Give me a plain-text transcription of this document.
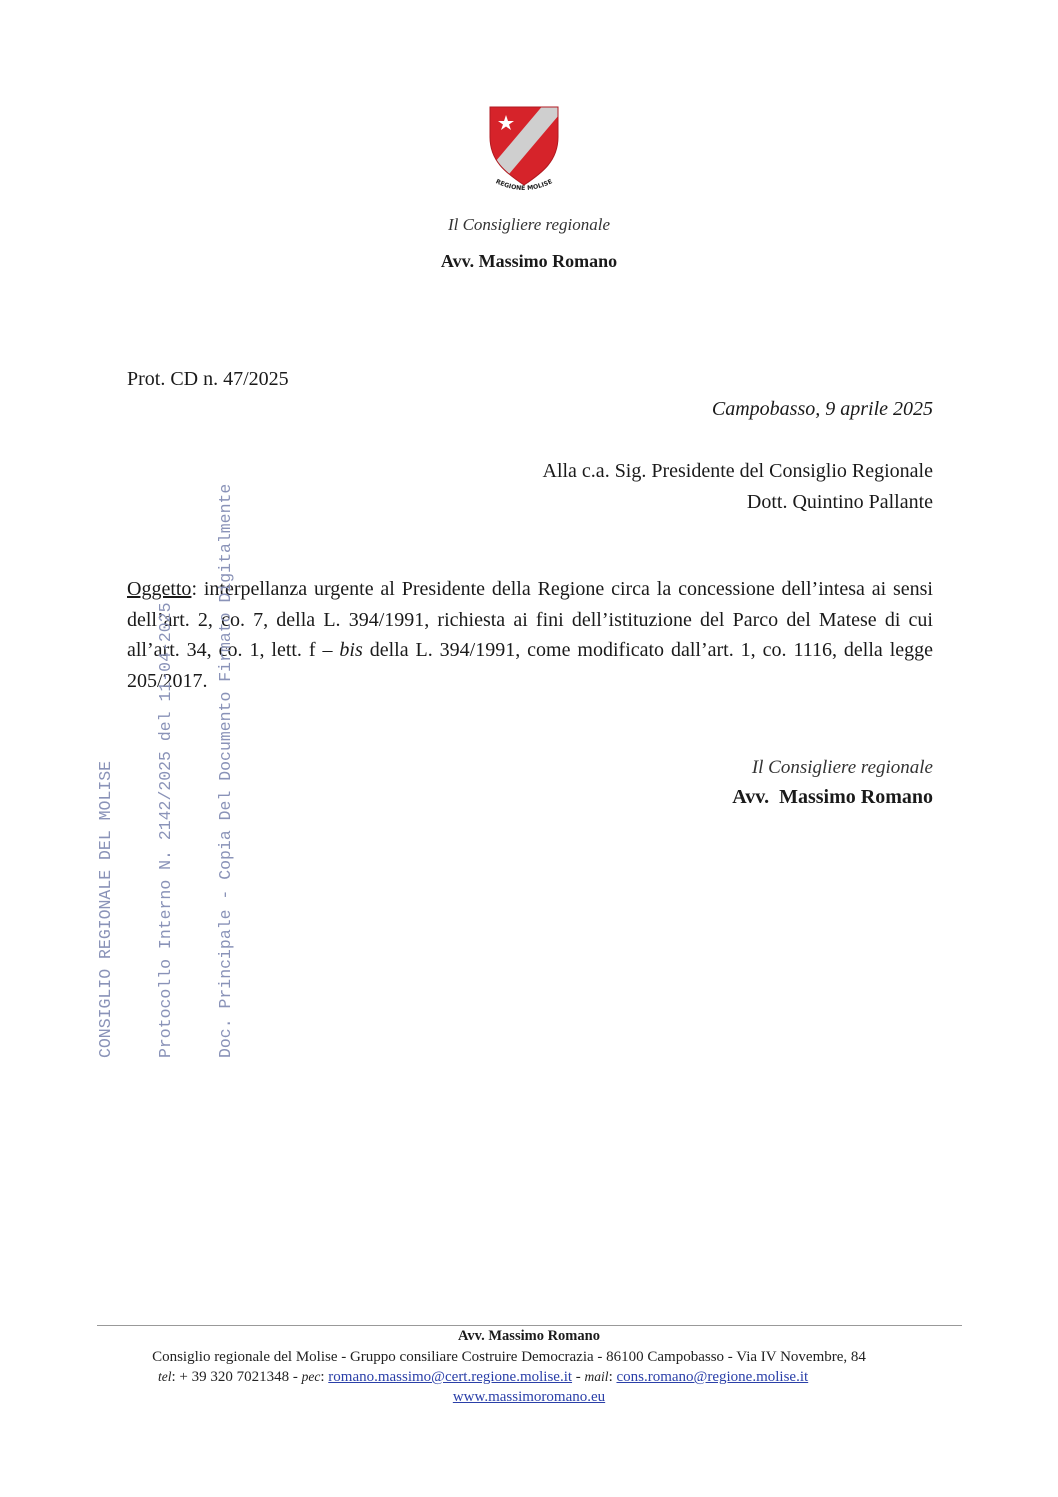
REGIONE MOLISE
Il Consigliere regionale
Avv. Massimo Romano
Prot. CD n. 47/2025
Campobasso, 9 aprile 2025
Alla c.a. Sig. Presidente del Consiglio Regionale
Dott. Quintino Pallante
Oggetto: interpellanza urgente al Presidente della Regione circa la concessione dell’intesa ai sensi dell’art. 2, co. 7, della L. 394/1991, richiesta ai fini dell’istituzione del Parco del Matese di cui all’art. 34, co. 1, lett. f – bis della L. 394/1991, come modificato dall’art. 1, co. 1116, della legge 205/2017.
Il Consigliere regionale
Avv.  Massimo Romano

CONSIGLIO REGIONALE DEL MOLISE

Protocollo Interno N. 2142/2025 del 11-04-2025

Doc. Principale - Copia Del Documento Firmato Digitalmente

Avv. Massimo Romano
Consiglio regionale del Molise - Gruppo consiliare Costruire Democrazia - 86100 Campobasso - Via IV Novembre, 84
tel: + 39 320 7021348 - pec: romano.massimo@cert.regione.molise.it - mail: cons.romano@regione.molise.it
www.massimoromano.eu
